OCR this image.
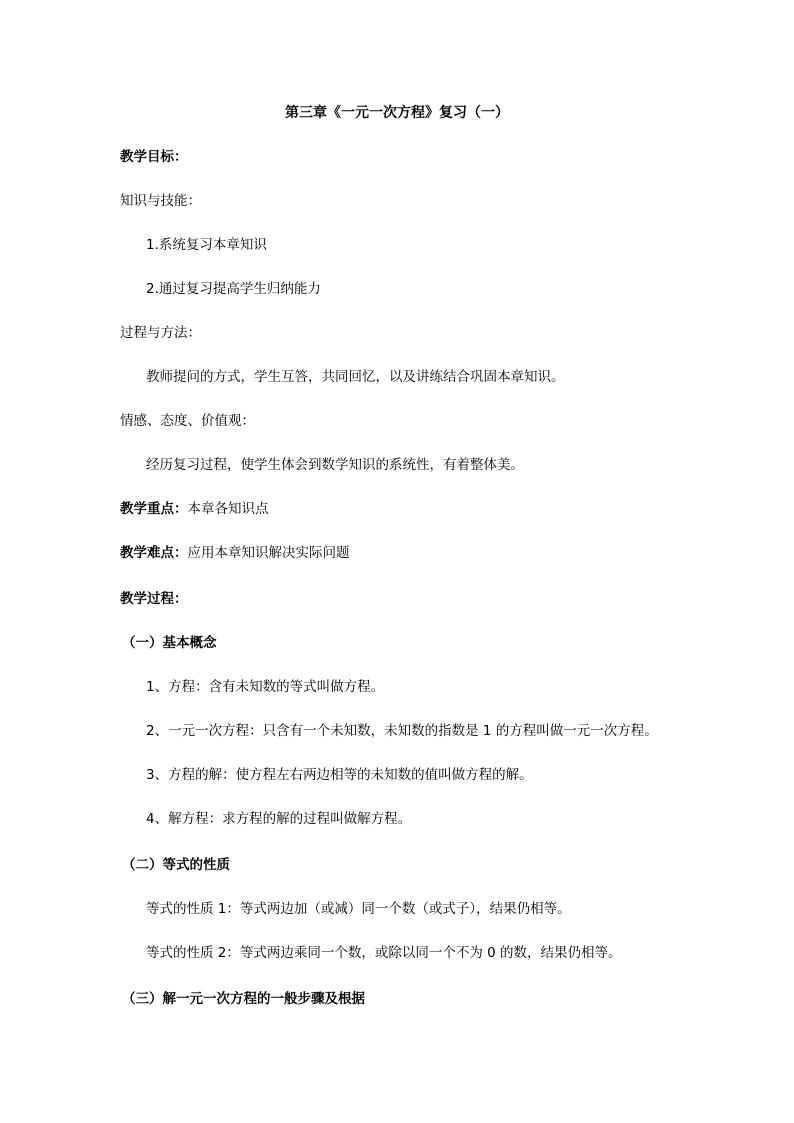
第三章《一元一次方程》复习（一）
教学目标：
知识与技能：
1.系统复习本章知识
2.通过复习提高学生归纳能力
过程与方法：
教师提问的方式，学生互答，共同回忆，以及讲练结合巩固本章知识。
情感、态度、价值观：
经历复习过程，使学生体会到数学知识的系统性，有着整体美。
教学重点：本章各知识点
教学难点：应用本章知识解决实际问题
教学过程：
（一）基本概念
1、方程：含有未知数的等式叫做方程。
2、一元一次方程：只含有一个未知数，未知数的指数是 1 的方程叫做一元一次方程。
3、方程的解：使方程左右两边相等的未知数的值叫做方程的解。
4、解方程：求方程的解的过程叫做解方程。
（二）等式的性质
等式的性质 1：等式两边加（或减）同一个数（或式子），结果仍相等。
等式的性质 2：等式两边乘同一个数，或除以同一个不为 0 的数，结果仍相等。
（三）解一元一次方程的一般步骤及根据
